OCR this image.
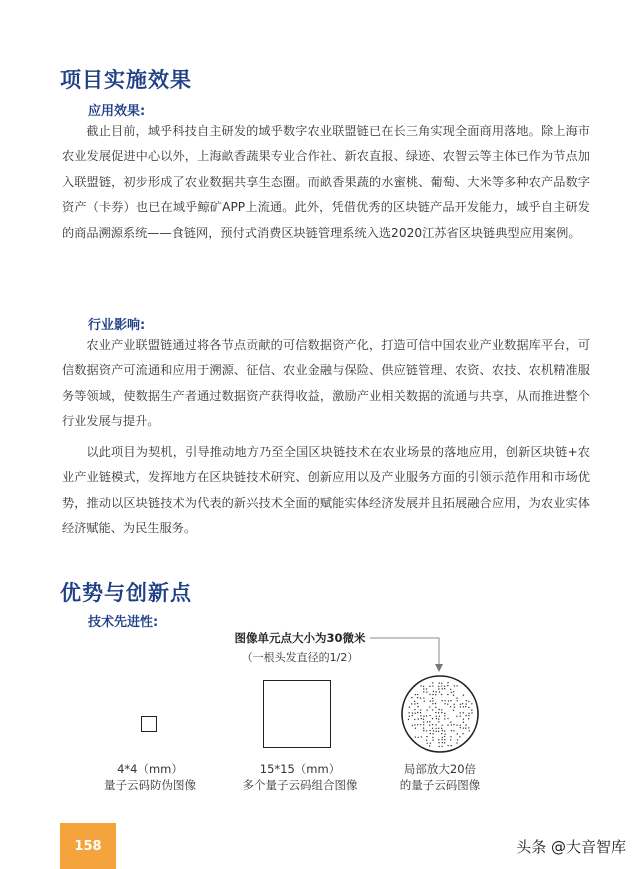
项目实施效果
应用效果:

截止目前，域乎科技自主研发的域乎数字农业联盟链已在长三角实现全面商用落地。除上海市农业发展促进中心以外，上海畝香蔬果专业合作社、新农直报、绿迹、农智云等主体已作为节点加入联盟链，初步形成了农业数据共享生态圈。而畝香果蔬的水蜜桃、葡萄、大米等多种农产品数字资产（卡券）也已在域乎鲸矿APP上流通。此外，凭借优秀的区块链产品开发能力，域乎自主研发的商品溯源系统——食链网，预付式消费区块链管理系统入选2020江苏省区块链典型应用案例。

行业影响:

农业产业联盟链通过将各节点贡献的可信数据资产化，打造可信中国农业产业数据库平台，可信数据资产可流通和应用于溯源、征信、农业金融与保险、供应链管理、农资、农技、农机精准服务等领域，使数据生产者通过数据资产获得收益，激励产业相关数据的流通与共享，从而推进整个行业发展与提升。

以此项目为契机，引导推动地方乃至全国区块链技术在农业场景的落地应用，创新区块链+农业产业链模式，发挥地方在区块链技术研究、创新应用以及产业服务方面的引领示范作用和市场优势，推动以区块链技术为代表的新兴技术全面的赋能实体经济发展并且拓展融合应用，为农业实体经济赋能、为民生服务。

优势与创新点
技术先进性:
图像单元点大小为30微米
（一根头发直径的1/2）
4*4（mm）
量子云码防伪图像
15*15（mm）
多个量子云码组合图像
局部放大20倍
的量子云码图像
158	头条 @大音智库
